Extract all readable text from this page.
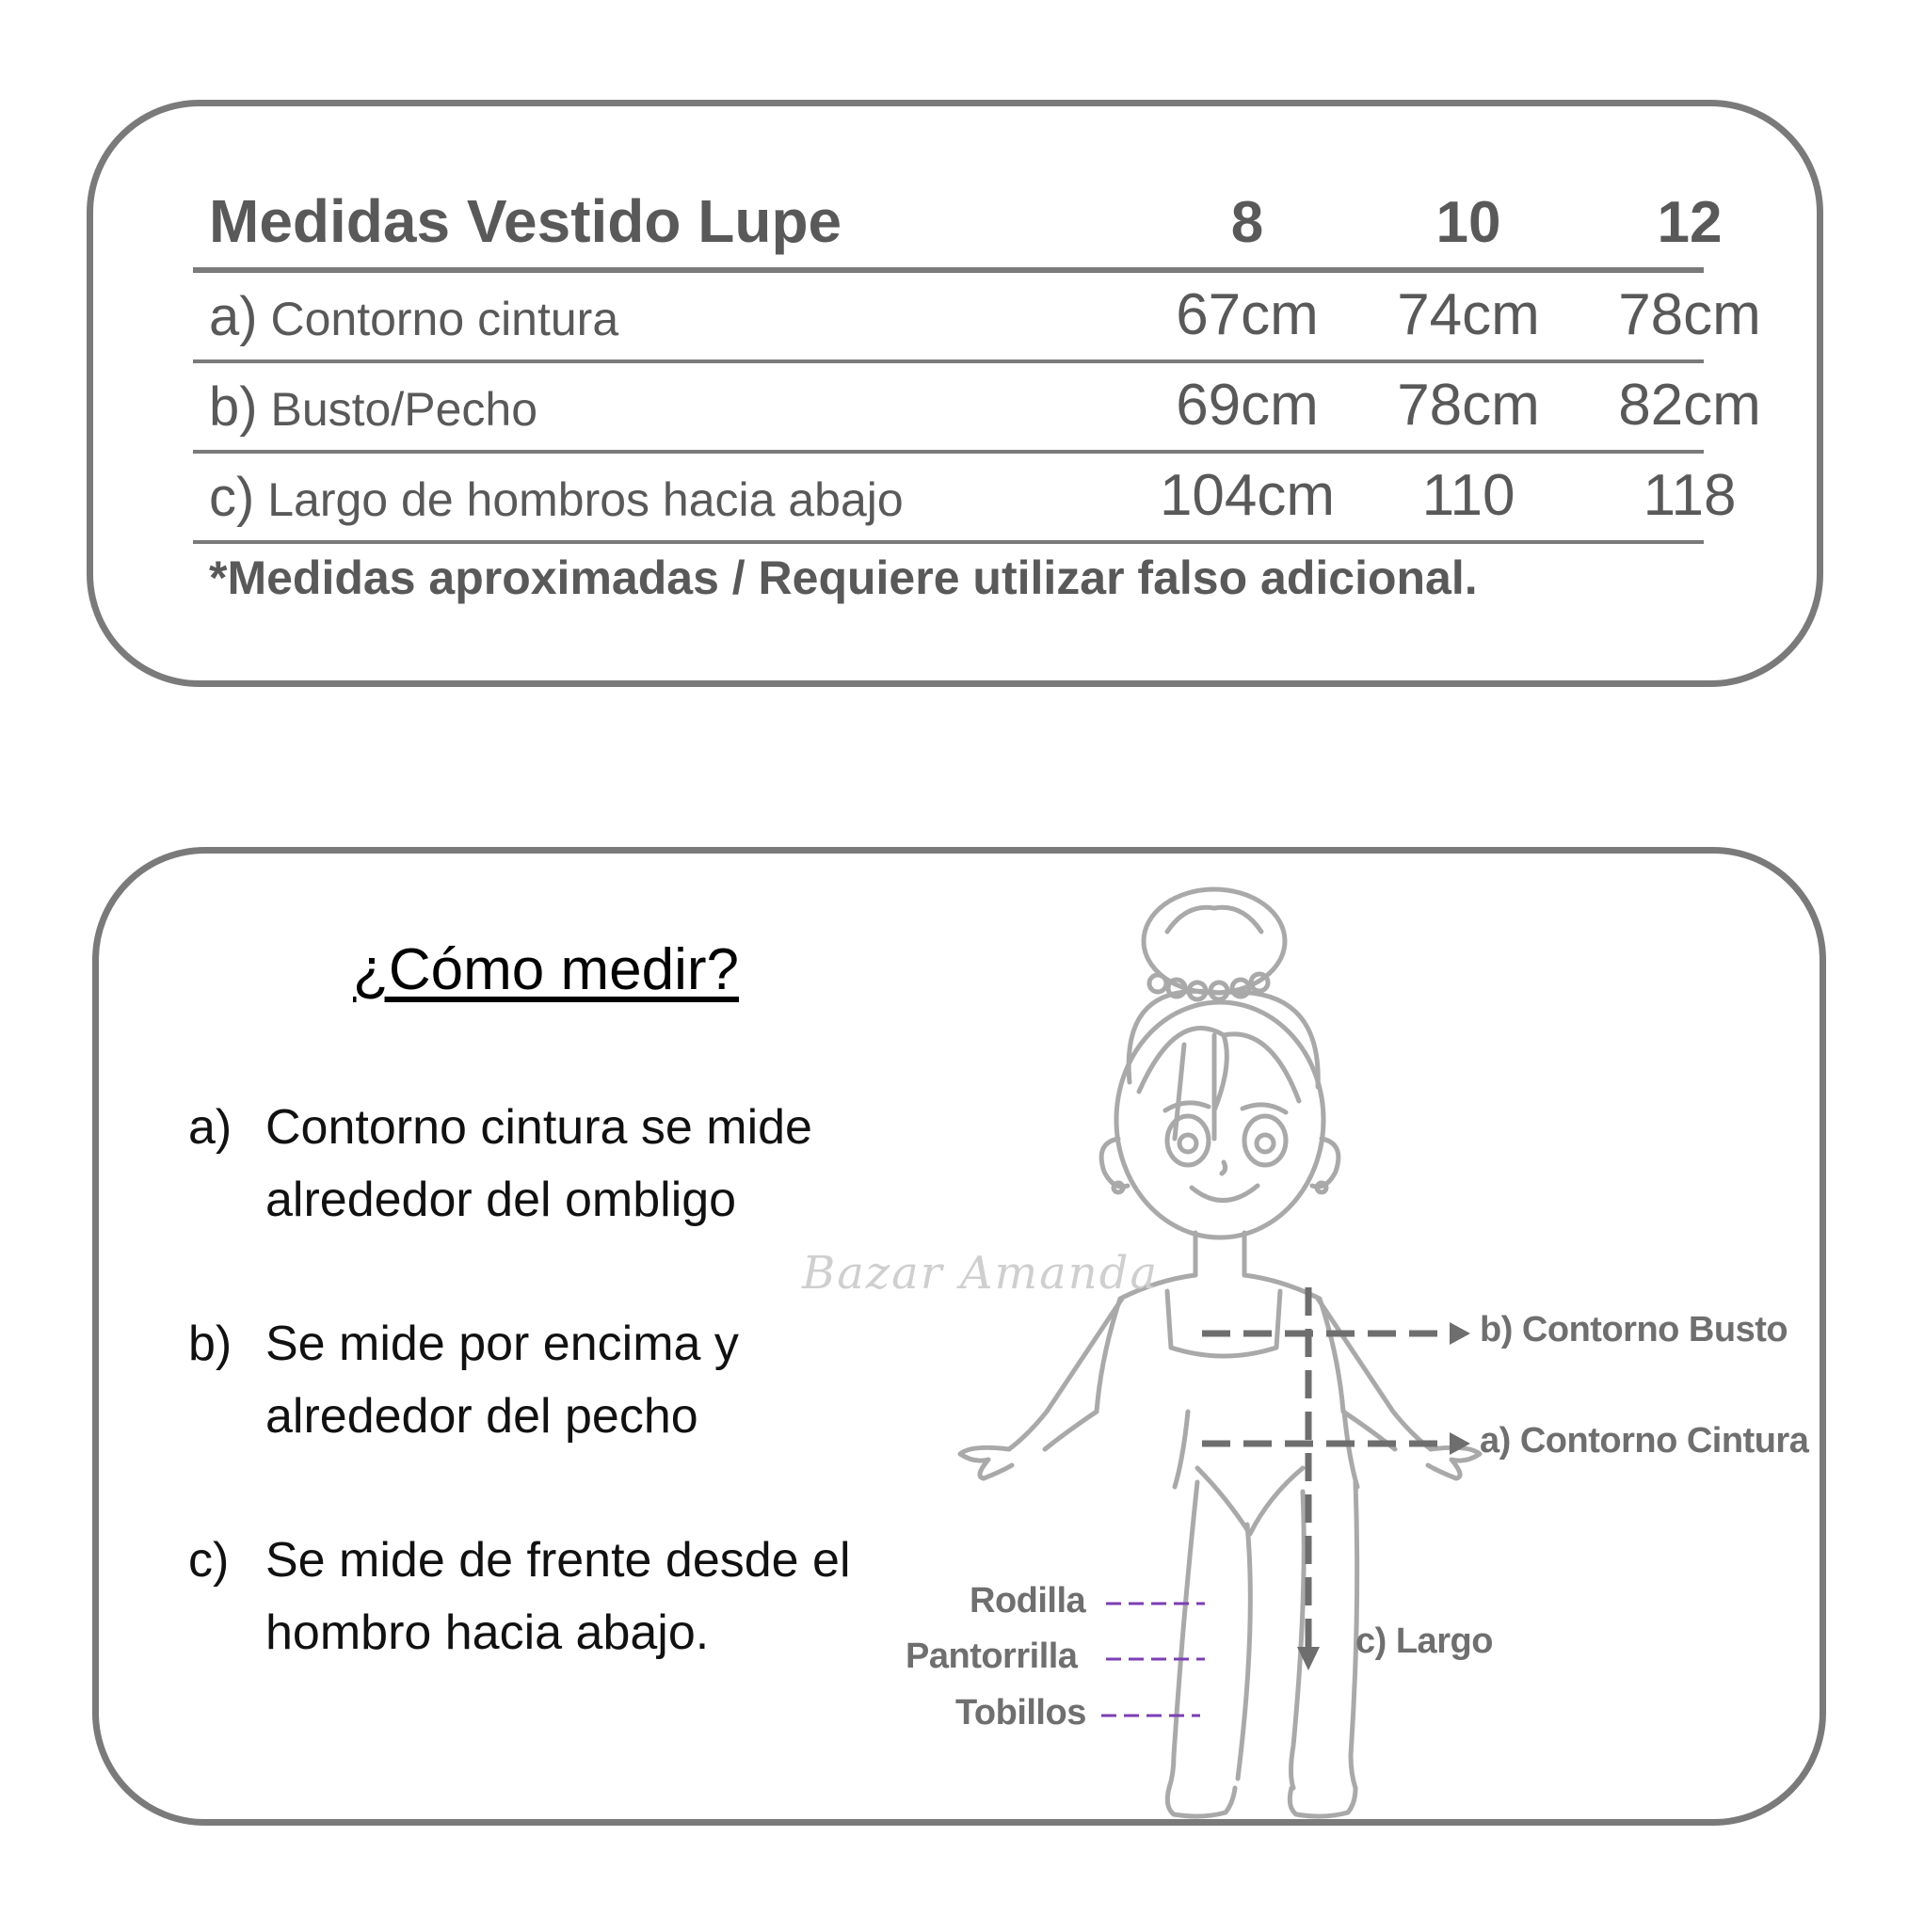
Medidas Vestido Lupe	8	10	12
a) Contorno cintura	67cm	74cm	78cm
b) Busto/Pecho	69cm	78cm	82cm
c) Largo de hombros hacia abajo	104cm	110	118
*Medidas aproximadas / Requiere utilizar falso adicional.
¿Cómo medir?
a) Contorno cintura se mide alrededor del ombligo
b) Se mide por encima y alrededor del pecho
c) Se mide de frente desde el hombro hacia abajo.
Bazar Amanda
b) Contorno Busto
a) Contorno Cintura
c) Largo
Rodilla
Pantorrilla
Tobillos
